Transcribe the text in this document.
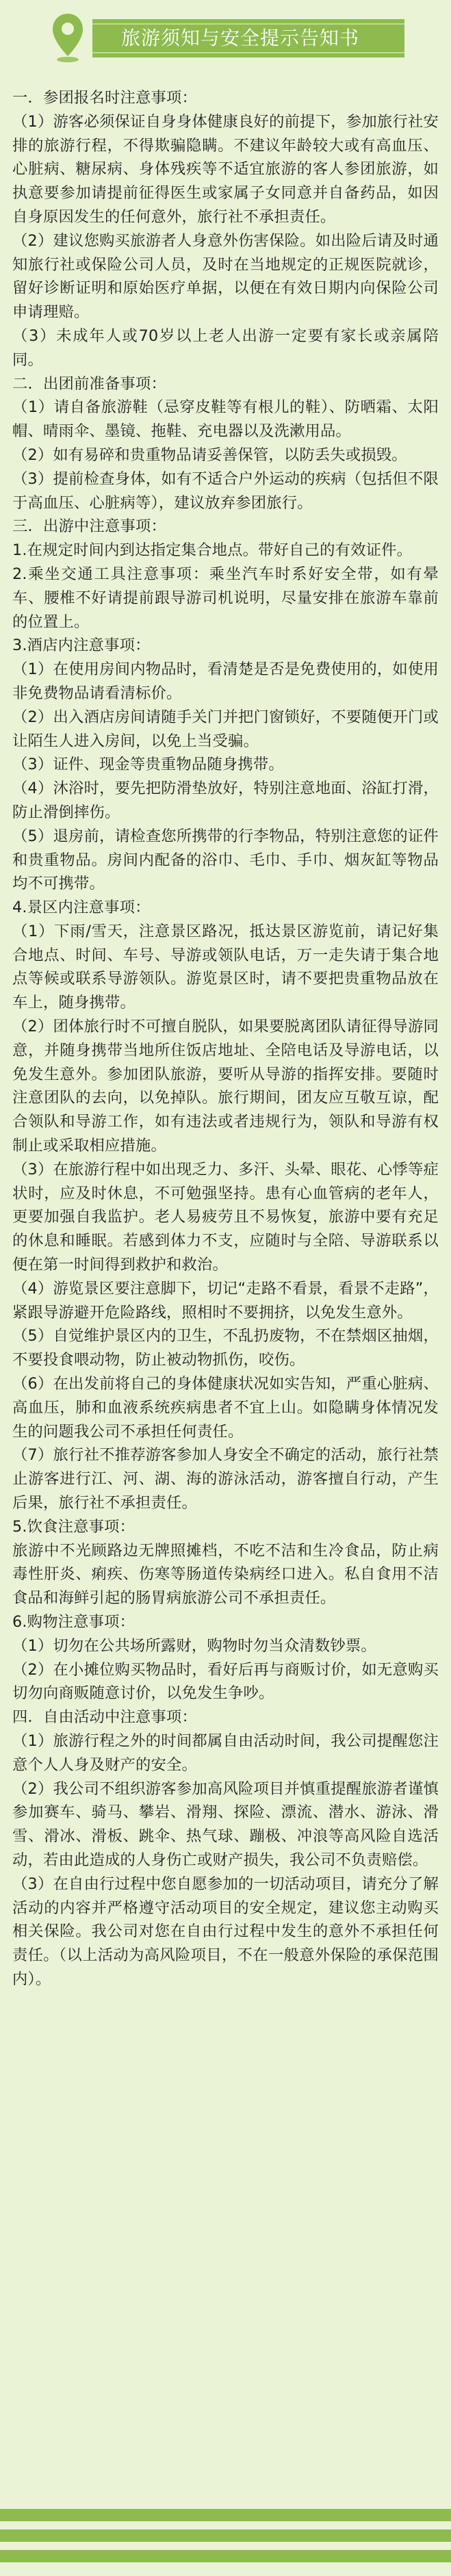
旅游须知与安全提示告知书

一．参团报名时注意事项：

（1）游客必须保证自身身体健康良好的前提下，参加旅行社安排的旅游行程，不得欺骗隐瞒。不建议年龄较大或有高血压、心脏病、糖尿病、身体残疾等不适宜旅游的客人参团旅游，如执意要参加请提前征得医生或家属子女同意并自备药品，如因自身原因发生的任何意外，旅行社不承担责任。

（2）建议您购买旅游者人身意外伤害保险。如出险后请及时通知旅行社或保险公司人员，及时在当地规定的正规医院就诊，留好诊断证明和原始医疗单据，以便在有效日期内向保险公司申请理赔。

（3）未成年人或70岁以上老人出游一定要有家长或亲属陪同。

二．出团前准备事项：

（1）请自备旅游鞋（忌穿皮鞋等有根儿的鞋）、防晒霜、太阳帽、晴雨伞、墨镜、拖鞋、充电器以及洗漱用品。

（2）如有易碎和贵重物品请妥善保管，以防丢失或损毁。

（3）提前检查身体，如有不适合户外运动的疾病（包括但不限于高血压、心脏病等），建议放弃参团旅行。

三．出游中注意事项：

1.在规定时间内到达指定集合地点。带好自己的有效证件。

2.乘坐交通工具注意事项：乘坐汽车时系好安全带，如有晕车、腰椎不好请提前跟导游司机说明，尽量安排在旅游车靠前的位置上。

3.酒店内注意事项：

（1）在使用房间内物品时，看清楚是否是免费使用的，如使用非免费物品请看清标价。

（2）出入酒店房间请随手关门并把门窗锁好，不要随便开门或让陌生人进入房间，以免上当受骗。

（3）证件、现金等贵重物品随身携带。

（4）沐浴时，要先把防滑垫放好，特别注意地面、浴缸打滑，防止滑倒摔伤。

（5）退房前，请检查您所携带的行李物品，特别注意您的证件和贵重物品。房间内配备的浴巾、毛巾、手巾、烟灰缸等物品均不可携带。

4.景区内注意事项：

（1）下雨/雪天，注意景区路况，抵达景区游览前，请记好集合地点、时间、车号、导游或领队电话，万一走失请于集合地点等候或联系导游领队。游览景区时，请不要把贵重物品放在车上，随身携带。

（2）团体旅行时不可擅自脱队，如果要脱离团队请征得导游同意，并随身携带当地所住饭店地址、全陪电话及导游电话，以免发生意外。参加团队旅游，要听从导游的指挥安排。要随时注意团队的去向，以免掉队。旅行期间，团友应互敬互谅，配合领队和导游工作，如有违法或者违规行为，领队和导游有权制止或采取相应措施。

（3）在旅游行程中如出现乏力、多汗、头晕、眼花、心悸等症状时，应及时休息，不可勉强坚持。患有心血管病的老年人，更要加强自我监护。老人易疲劳且不易恢复，旅游中要有充足的休息和睡眠。若感到体力不支，应随时与全陪、导游联系以便在第一时间得到救护和救治。

（4）游览景区要注意脚下，切记“走路不看景，看景不走路”，紧跟导游避开危险路线，照相时不要拥挤，以免发生意外。

（5）自觉维护景区内的卫生，不乱扔废物，不在禁烟区抽烟，不要投食喂动物，防止被动物抓伤，咬伤。

（6）在出发前将自己的身体健康状况如实告知，严重心脏病、高血压，肺和血液系统疾病患者不宜上山。如隐瞒身体情况发生的问题我公司不承担任何责任。

（7）旅行社不推荐游客参加人身安全不确定的活动，旅行社禁止游客进行江、河、湖、海的游泳活动，游客擅自行动，产生后果，旅行社不承担责任。

5.饮食注意事项：

旅游中不光顾路边无牌照摊档，不吃不洁和生冷食品，防止病毒性肝炎、痢疾、伤寒等肠道传染病经口进入。私自食用不洁食品和海鲜引起的肠胃病旅游公司不承担责任。

6.购物注意事项：

（1）切勿在公共场所露财，购物时勿当众清数钞票。

（2）在小摊位购买物品时，看好后再与商贩讨价，如无意购买切勿向商贩随意讨价，以免发生争吵。

四．自由活动中注意事项：

（1）旅游行程之外的时间都属自由活动时间，我公司提醒您注意个人人身及财产的安全。

（2）我公司不组织游客参加高风险项目并慎重提醒旅游者谨慎参加赛车、骑马、攀岩、滑翔、探险、漂流、潜水、游泳、滑雪、滑冰、滑板、跳伞、热气球、蹦极、冲浪等高风险自选活动，若由此造成的人身伤亡或财产损失，我公司不负责赔偿。

（3）在自由行过程中您自愿参加的一切活动项目，请充分了解活动的内容并严格遵守活动项目的安全规定，建议您主动购买相关保险。我公司对您在自由行过程中发生的意外不承担任何责任。（以上活动为高风险项目，不在一般意外保险的承保范围内）。
